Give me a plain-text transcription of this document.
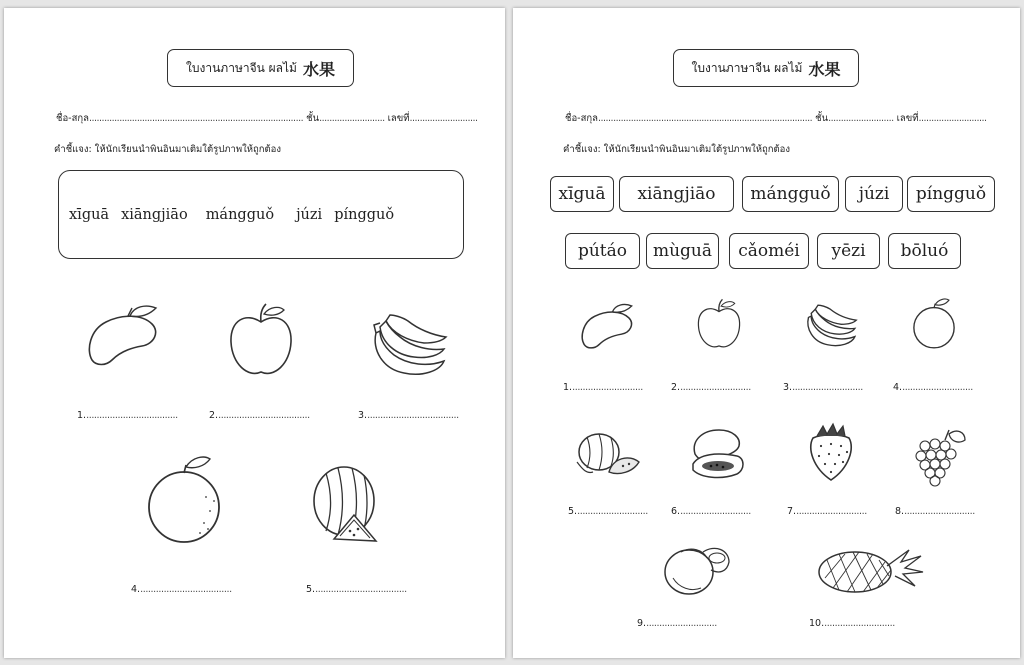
ใบงานภาษาจีน ผลไม้ 水果
ชื่อ-สกุล..................................................................................... ชั้น.......................... เลขที่...........................
คำชี้แจง: ให้นักเรียนนำพินอินมาเติมใต้รูปภาพให้ถูกต้อง
xīguā xiāngjiāo mángguǒ júzi píngguǒ
1....................................	2....................................	3....................................
4....................................	5....................................
ใบงานภาษาจีน ผลไม้ 水果
ชื่อ-สกุล..................................................................................... ชั้น.......................... เลขที่...........................
คำชี้แจง: ให้นักเรียนนำพินอินมาเติมใต้รูปภาพให้ถูกต้อง
xīguā	xiāngjiāo	mángguǒ	júzi	píngguǒ
pútáo	mùguā	cǎoméi	yēzi	bōluó
1............................	2............................	3............................	4............................
5............................ 6............................	7............................	8............................
9............................	10............................
